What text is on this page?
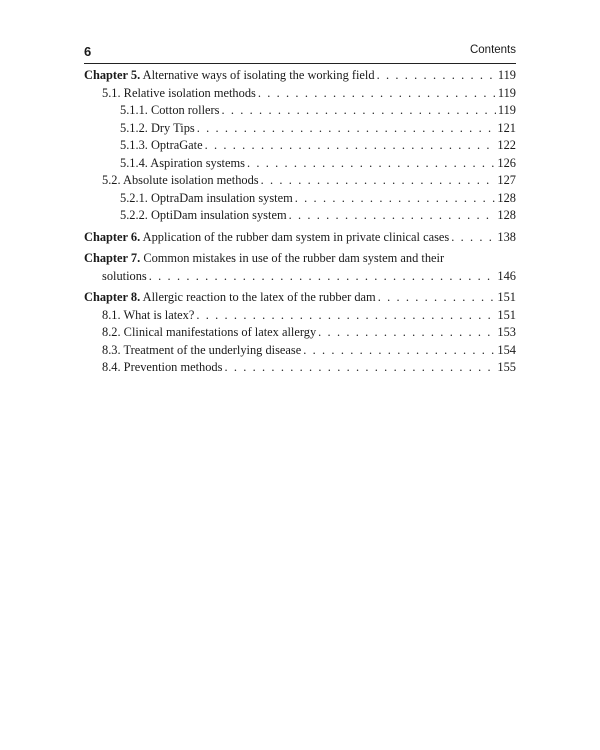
6	Contents
Chapter 5. Alternative ways of isolating the working field . . .	119
5.1. Relative isolation methods . . .	119
5.1.1. Cotton rollers . . .	119
5.1.2. Dry Tips . . .	121
5.1.3. OptraGate . . .	122
5.1.4. Aspiration systems . . .	126
5.2. Absolute isolation methods . . .	127
5.2.1. OptraDam insulation system . . .	128
5.2.2. OptiDam insulation system . . .	128
Chapter 6. Application of the rubber dam system in private clinical cases . . .	138
Chapter 7. Common mistakes in use of the rubber dam system and their
solutions . . .	146
Chapter 8. Allergic reaction to the latex of the rubber dam . . .	151
8.1. What is latex? . . .	151
8.2. Clinical manifestations of latex allergy . . .	153
8.3. Treatment of the underlying disease . . .	154
8.4. Prevention methods . . .	155
